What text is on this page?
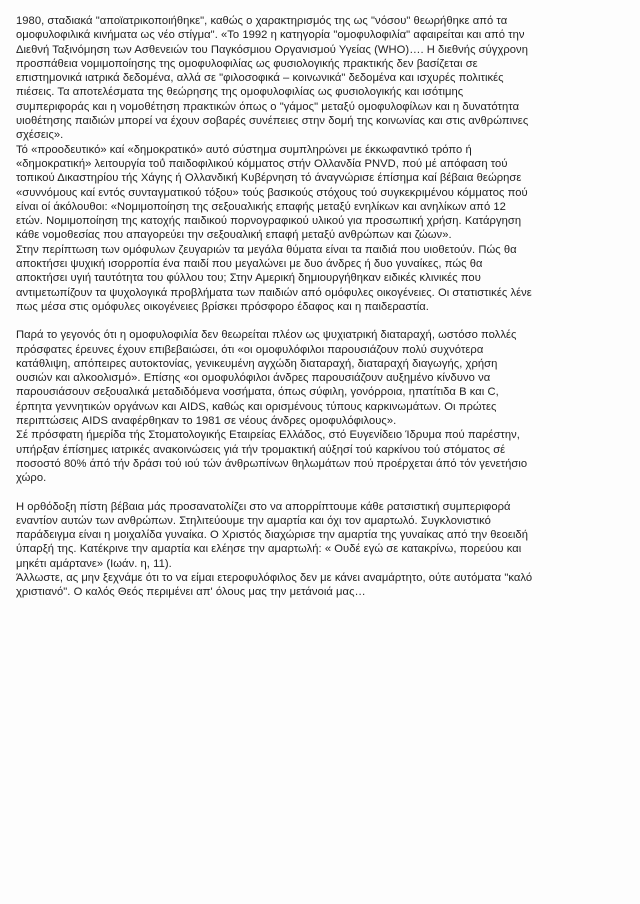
1980, σταδιακά "αποϊατρικοποιήθηκε", καθώς ο χαρακτηρισμός της ως "νόσου" θεωρήθηκε από τα
ομοφυλοφιλικά κινήματα ως νέο στίγμα". «Το 1992 η κατηγορία "ομοφυλοφιλία" αφαιρείται και από την
Διεθνή Ταξινόμηση των Ασθενειών του Παγκόσμιου Οργανισμού Υγείας (WHO)…. Η διεθνής σύγχρονη
προσπάθεια νομιμοποίησης της ομοφυλοφιλίας ως φυσιολογικής πρακτικής δεν βασίζεται σε
επιστημονικά ιατρικά δεδομένα, αλλά σε "φιλοσοφικά – κοινωνικά" δεδομένα και ισχυρές πολιτικές
πιέσεις. Τα αποτελέσματα της θεώρησης της ομοφυλοφιλίας ως φυσιολογικής και ισότιμης
συμπεριφοράς και η νομοθέτηση πρακτικών όπως ο "γάμος" μεταξύ ομοφυλοφίλων και η δυνατότητα
υιοθέτησης παιδιών μπορεί να έχουν σοβαρές συνέπειες στην δομή της κοινωνίας και στις ανθρώπινες
σχέσεις».

Τό «προοδευτικό» καί «δημοκρατικό» αυτό σύστημα συμπληρώνει με έκκωφαντικό τρόπο ή
«δημοκρατική» λειτουργία τοΰ παιδοφιλικού κόμματος στήν Ολλανδία PNVD, πού μέ απόφαση τού
τοπικού Δικαστηρίου τής Χάγης ή Ολλανδική Κυβέρνηση τό άναγνώρισε έπίσημα καί βέβαια θεώρησε
«συννόμους καί εντός συνταγματικού τόξου» τούς βασικούς στόχους τού συγκεκριμένου κόμματος πού
είναι οί άκόλουθοι: «Νομιμοποίηση της σεξουαλικής επαφής μεταξύ ενηλίκων και ανηλίκων από 12
ετών. Νομιμοποίηση της κατοχής παιδικού πορνογραφικού υλικού για προσωπική χρήση. Κατάργηση
κάθε νομοθεσίας που απαγορεύει την σεξουαλική επαφή μεταξύ ανθρώπων και ζώων».
Στην περίπτωση των ομόφυλων ζευγαριών τα μεγάλα θύματα είναι τα παιδιά που υιοθετούν. Πώς θα
αποκτήσει ψυχική ισορροπία ένα παιδί που μεγαλώνει με δυο άνδρες ή δυο γυναίκες, πώς θα
αποκτήσει υγιή ταυτότητα του φύλλου του; Στην Αμερική δημιουργήθηκαν ειδικές κλινικές που
αντιμετωπίζουν τα ψυχολογικά προβλήματα των παιδιών από ομόφυλες οικογένειες. Οι στατιστικές λένε
πως μέσα στις ομόφυλες οικογένειες βρίσκει πρόσφορο έδαφος και η παιδεραστία.

Παρά το γεγονός ότι η ομοφυλοφιλία δεν θεωρείται πλέον ως ψυχιατρική διαταραχή, ωστόσο πολλές
πρόσφατες έρευνες έχουν επιβεβαιώσει, ότι «οι ομοφυλόφιλοι παρουσιάζουν πολύ συχνότερα
κατάθλιψη, απόπειρες αυτοκτονίας, γενικευμένη αγχώδη διαταραχή, διαταραχή διαγωγής, χρήση
ουσιών και αλκοολισμό». Επίσης «οι ομοφυλόφιλοι άνδρες παρουσιάζουν αυξημένο κίνδυνο να
παρουσιάσουν σεξουαλικά μεταδιδόμενα νοσήματα, όπως σύφιλη, γονόρροια, ηπατίτιδα Β και C,
έρπητα γεννητικών οργάνων και AIDS, καθώς και ορισμένους τύπους καρκινωμάτων. Οι πρώτες
περιπτώσεις AIDS αναφέρθηκαν το 1981 σε νέους άνδρες ομοφυλόφιλους».
Σέ πρόσφατη ήμερίδα τής Στοματολογικής Εταιρείας Ελλάδος, στό Ευγενίδειο Ίδρυμα πού παρέστην,
υπήρξαν έπίσημες ιατρικές ανακοινώσεις γιά τήν τρομακτική αύξησί τού καρκίνου τού στόματος σέ
ποσοστό 80% άπό τήν δράσι τού ιού τών άνθρωπίνων θηλωμάτων πού προέρχεται άπό τόν γενετήσιο
χώρο.

Η ορθόδοξη πίστη βέβαια μάς προσανατολίζει στο να απορρίπτουμε κάθε ρατσιστική συμπεριφορά
εναντίον αυτών των ανθρώπων. Στηλιτεύουμε την αμαρτία και όχι τον αμαρτωλό. Συγκλονιστικό
παράδειγμα είναι η μοιχαλίδα γυναίκα. Ο Χριστός διαχώρισε την αμαρτία της γυναίκας από την θεοειδή
ύπαρξή της. Κατέκρινε την αμαρτία και ελέησε την αμαρτωλή: « Ουδέ εγώ σε κατακρίνω, πορεύου και
μηκέτι αμάρτανε» (Ιωάν. η, 11).
Άλλωστε, ας μην ξεχνάμε ότι το να είμαι ετεροφυλόφιλος δεν με κάνει αναμάρτητο, ούτε αυτόματα "καλό
χριστιανό". Ο καλός Θεός περιμένει απ' όλους μας την μετάνοιά μας…
